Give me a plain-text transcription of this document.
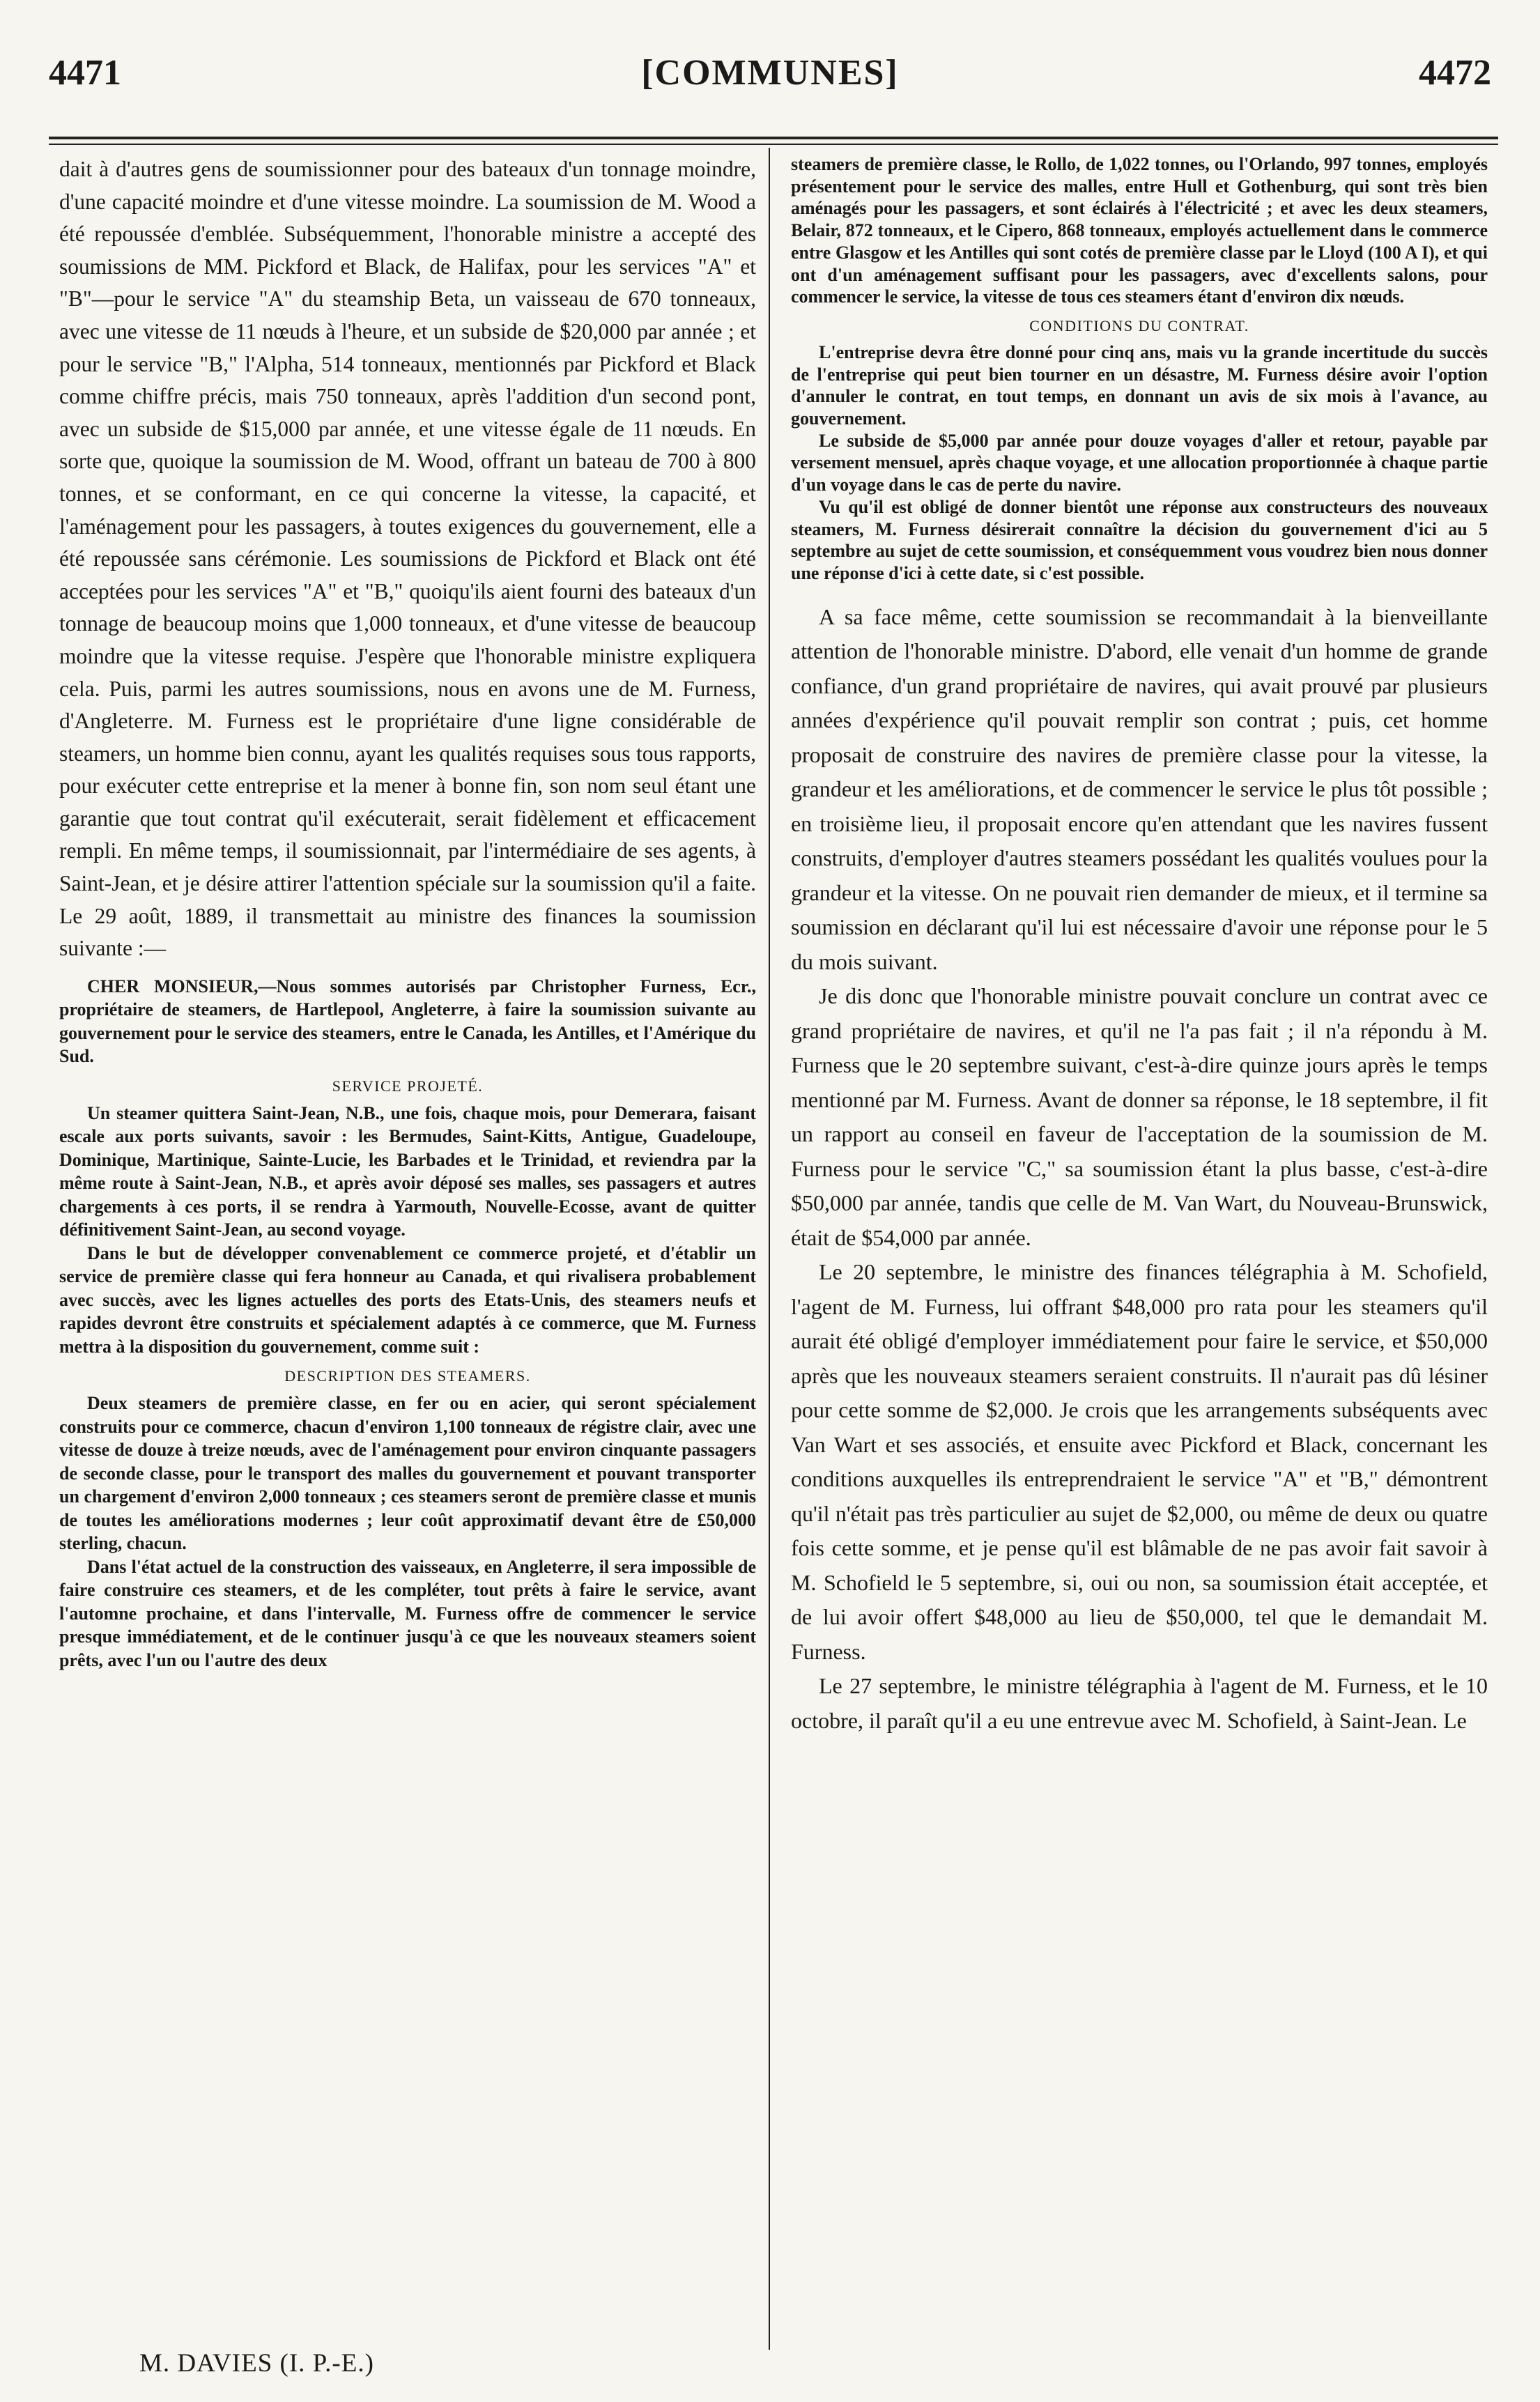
4471	[COMMUNES]	4472

dait à d'autres gens de soumissionner pour des bateaux d'un tonnage moindre, d'une capacité moindre et d'une vitesse moindre. La soumission de M. Wood a été repoussée d'emblée. Subséquemment, l'honorable ministre a accepté des soumissions de MM. Pickford et Black, de Halifax, pour les services "A" et "B"—pour le service "A" du steamship Beta, un vaisseau de 670 tonneaux, avec une vitesse de 11 nœuds à l'heure, et un subside de $20,000 par année ; et pour le service "B," l'Alpha, 514 tonneaux, mentionnés par Pickford et Black comme chiffre précis, mais 750 tonneaux, après l'addition d'un second pont, avec un subside de $15,000 par année, et une vitesse égale de 11 nœuds. En sorte que, quoique la soumission de M. Wood, offrant un bateau de 700 à 800 tonnes, et se conformant, en ce qui concerne la vitesse, la capacité, et l'aménagement pour les passagers, à toutes exigences du gouvernement, elle a été repoussée sans cérémonie. Les soumissions de Pickford et Black ont été acceptées pour les services "A" et "B," quoiqu'ils aient fourni des bateaux d'un tonnage de beaucoup moins que 1,000 tonneaux, et d'une vitesse de beaucoup moindre que la vitesse requise. J'espère que l'honorable ministre expliquera cela. Puis, parmi les autres soumissions, nous en avons une de M. Furness, d'Angleterre. M. Furness est le propriétaire d'une ligne considérable de steamers, un homme bien connu, ayant les qualités requises sous tous rapports, pour exécuter cette entreprise et la mener à bonne fin, son nom seul étant une garantie que tout contrat qu'il exécuterait, serait fidèlement et efficacement rempli. En même temps, il soumissionnait, par l'intermédiaire de ses agents, à Saint-Jean, et je désire attirer l'attention spéciale sur la soumission qu'il a faite. Le 29 août, 1889, il transmettait au ministre des finances la soumission suivante :—

CHER MONSIEUR,—Nous sommes autorisés par Christopher Furness, Ecr., propriétaire de steamers, de Hartlepool, Angleterre, à faire la soumission suivante au gouvernement pour le service des steamers, entre le Canada, les Antilles, et l'Amérique du Sud.

SERVICE PROJETÉ.

Un steamer quittera Saint-Jean, N.B., une fois, chaque mois, pour Demerara, faisant escale aux ports suivants, savoir : les Bermudes, Saint-Kitts, Antigue, Guadeloupe, Dominique, Martinique, Sainte-Lucie, les Barbades et le Trinidad, et reviendra par la même route à Saint-Jean, N.B., et après avoir déposé ses malles, ses passagers et autres chargements à ces ports, il se rendra à Yarmouth, Nouvelle-Ecosse, avant de quitter définitivement Saint-Jean, au second voyage.

Dans le but de développer convenablement ce commerce projeté, et d'établir un service de première classe qui fera honneur au Canada, et qui rivalisera probablement avec succès, avec les lignes actuelles des ports des Etats-Unis, des steamers neufs et rapides devront être construits et spécialement adaptés à ce commerce, que M. Furness mettra à la disposition du gouvernement, comme suit :

DESCRIPTION DES STEAMERS.

Deux steamers de première classe, en fer ou en acier, qui seront spécialement construits pour ce commerce, chacun d'environ 1,100 tonneaux de régistre clair, avec une vitesse de douze à treize nœuds, avec de l'aménagement pour environ cinquante passagers de seconde classe, pour le transport des malles du gouvernement et pouvant transporter un chargement d'environ 2,000 tonneaux ; ces steamers seront de première classe et munis de toutes les améliorations modernes ; leur coût approximatif devant être de £50,000 sterling, chacun.

Dans l'état actuel de la construction des vaisseaux, en Angleterre, il sera impossible de faire construire ces steamers, et de les compléter, tout prêts à faire le service, avant l'automne prochaine, et dans l'intervalle, M. Furness offre de commencer le service presque immédiatement, et de le continuer jusqu'à ce que les nouveaux steamers soient prêts, avec l'un ou l'autre des deux

steamers de première classe, le Rollo, de 1,022 tonnes, ou l'Orlando, 997 tonnes, employés présentement pour le service des malles, entre Hull et Gothenburg, qui sont très bien aménagés pour les passagers, et sont éclairés à l'électricité ; et avec les deux steamers, Belair, 872 tonneaux, et le Cipero, 868 tonneaux, employés actuellement dans le commerce entre Glasgow et les Antilles qui sont cotés de première classe par le Lloyd (100 A I), et qui ont d'un aménagement suffisant pour les passagers, avec d'excellents salons, pour commencer le service, la vitesse de tous ces steamers étant d'environ dix nœuds.

CONDITIONS DU CONTRAT.

L'entreprise devra être donné pour cinq ans, mais vu la grande incertitude du succès de l'entreprise qui peut bien tourner en un désastre, M. Furness désire avoir l'option d'annuler le contrat, en tout temps, en donnant un avis de six mois à l'avance, au gouvernement.

Le subside de $5,000 par année pour douze voyages d'aller et retour, payable par versement mensuel, après chaque voyage, et une allocation proportionnée à chaque partie d'un voyage dans le cas de perte du navire.

Vu qu'il est obligé de donner bientôt une réponse aux constructeurs des nouveaux steamers, M. Furness désirerait connaître la décision du gouvernement d'ici au 5 septembre au sujet de cette soumission, et conséquemment vous voudrez bien nous donner une réponse d'ici à cette date, si c'est possible.

A sa face même, cette soumission se recommandait à la bienveillante attention de l'honorable ministre. D'abord, elle venait d'un homme de grande confiance, d'un grand propriétaire de navires, qui avait prouvé par plusieurs années d'expérience qu'il pouvait remplir son contrat ; puis, cet homme proposait de construire des navires de première classe pour la vitesse, la grandeur et les améliorations, et de commencer le service le plus tôt possible ; en troisième lieu, il proposait encore qu'en attendant que les navires fussent construits, d'employer d'autres steamers possédant les qualités voulues pour la grandeur et la vitesse. On ne pouvait rien demander de mieux, et il termine sa soumission en déclarant qu'il lui est nécessaire d'avoir une réponse pour le 5 du mois suivant.

Je dis donc que l'honorable ministre pouvait conclure un contrat avec ce grand propriétaire de navires, et qu'il ne l'a pas fait ; il n'a répondu à M. Furness que le 20 septembre suivant, c'est-à-dire quinze jours après le temps mentionné par M. Furness. Avant de donner sa réponse, le 18 septembre, il fit un rapport au conseil en faveur de l'acceptation de la soumission de M. Furness pour le service "C," sa soumission étant la plus basse, c'est-à-dire $50,000 par année, tandis que celle de M. Van Wart, du Nouveau-Brunswick, était de $54,000 par année.

Le 20 septembre, le ministre des finances télégraphia à M. Schofield, l'agent de M. Furness, lui offrant $48,000 pro rata pour les steamers qu'il aurait été obligé d'employer immédiatement pour faire le service, et $50,000 après que les nouveaux steamers seraient construits. Il n'aurait pas dû lésiner pour cette somme de $2,000. Je crois que les arrangements subséquents avec Van Wart et ses associés, et ensuite avec Pickford et Black, concernant les conditions auxquelles ils entreprendraient le service "A" et "B," démontrent qu'il n'était pas très particulier au sujet de $2,000, ou même de deux ou quatre fois cette somme, et je pense qu'il est blâmable de ne pas avoir fait savoir à M. Schofield le 5 septembre, si, oui ou non, sa soumission était acceptée, et de lui avoir offert $48,000 au lieu de $50,000, tel que le demandait M. Furness.

Le 27 septembre, le ministre télégraphia à l'agent de M. Furness, et le 10 octobre, il paraît qu'il a eu une entrevue avec M. Schofield, à Saint-Jean. Le

M. DAVIES (I. P.-E.)
